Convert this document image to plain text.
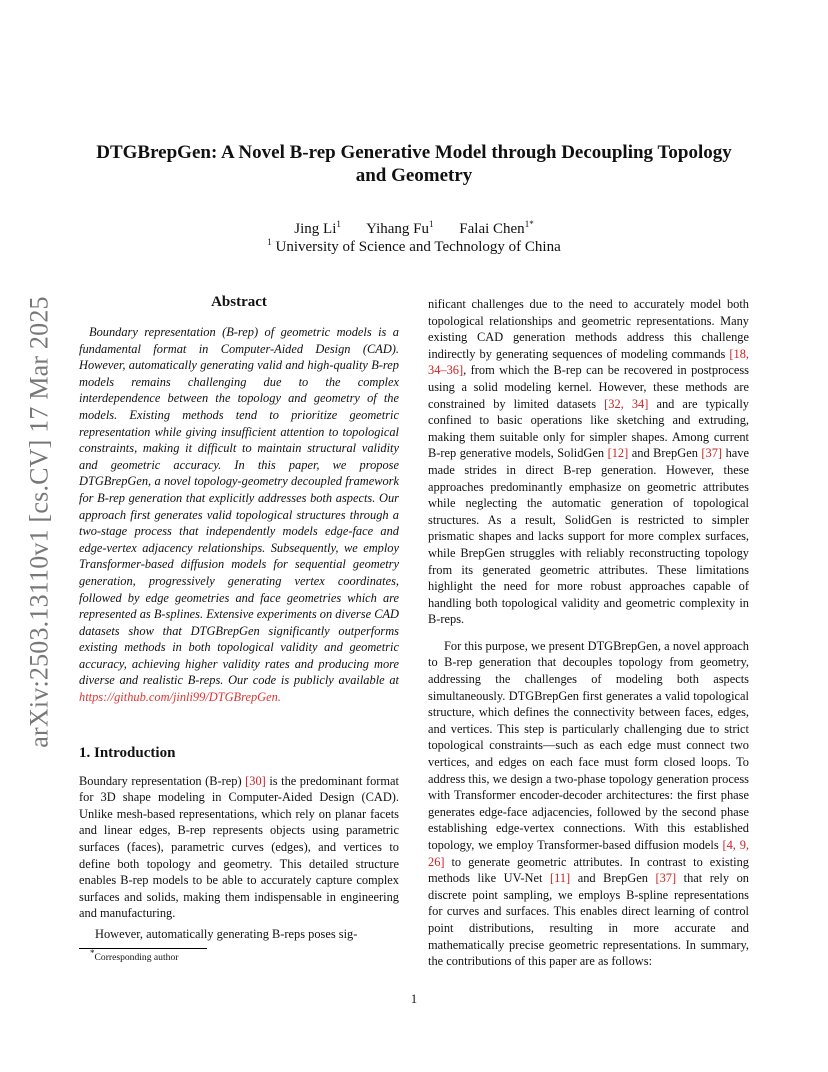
arXiv:2503.13110v1 [cs.CV] 17 Mar 2025
DTGBrepGen: A Novel B-rep Generative Model through Decoupling Topology
and Geometry
Jing Li$^1$ Yihang Fu$^1$ Falai Chen$^{1*}$
$^1$ University of Science and Technology of China
Abstract

Boundary representation (B-rep) of geometric models is a fundamental format in Computer-Aided Design (CAD). However, automatically generating valid and high-quality B-rep models remains challenging due to the complex interdependence between the topology and geometry of the models. Existing methods tend to prioritize geometric representation while giving insufficient attention to topological constraints, making it difficult to maintain structural validity and geometric accuracy. In this paper, we propose DTGBrepGen, a novel topology-geometry decoupled framework for B-rep generation that explicitly addresses both aspects. Our approach first generates valid topological structures through a two-stage process that independently models edge-face and edge-vertex adjacency relationships. Subsequently, we employ Transformer-based diffusion models for sequential geometry generation, progressively generating vertex coordinates, followed by edge geometries and face geometries which are represented as B-splines. Extensive experiments on diverse CAD datasets show that DTGBrepGen significantly outperforms existing methods in both topological validity and geometric accuracy, achieving higher validity rates and producing more diverse and realistic B-reps. Our code is publicly available at https://github.com/jinli99/DTGBrepGen.

1. Introduction

Boundary representation (B-rep) [30] is the predominant format for 3D shape modeling in Computer-Aided Design (CAD). Unlike mesh-based representations, which rely on planar facets and linear edges, B-rep represents objects using parametric surfaces (faces), parametric curves (edges), and vertices to define both topology and geometry. This detailed structure enables B-rep models to be able to accurately capture complex surfaces and solids, making them indispensable in engineering and manufacturing.

However, automatically generating B-reps poses sig-

nificant challenges due to the need to accurately model both topological relationships and geometric representations. Many existing CAD generation methods address this challenge indirectly by generating sequences of modeling commands [18, 34–36], from which the B-rep can be recovered in postprocess using a solid modeling kernel. However, these methods are constrained by limited datasets [32, 34] and are typically confined to basic operations like sketching and extruding, making them suitable only for simpler shapes. Among current B-rep generative models, SolidGen [12] and BrepGen [37] have made strides in direct B-rep generation. However, these approaches predominantly emphasize on geometric attributes while neglecting the automatic generation of topological structures. As a result, SolidGen is restricted to simpler prismatic shapes and lacks support for more complex surfaces, while BrepGen struggles with reliably reconstructing topology from its generated geometric attributes. These limitations highlight the need for more robust approaches capable of handling both topological validity and geometric complexity in B-reps.

For this purpose, we present DTGBrepGen, a novel approach to B-rep generation that decouples topology from geometry, addressing the challenges of modeling both aspects simultaneously. DTGBrepGen first generates a valid topological structure, which defines the connectivity between faces, edges, and vertices. This step is particularly challenging due to strict topological constraints—such as each edge must connect two vertices, and edges on each face must form closed loops. To address this, we design a two-phase topology generation process with Transformer encoder-decoder architectures: the first phase generates edge-face adjacencies, followed by the second phase establishing edge-vertex connections. With this established topology, we employ Transformer-based diffusion models [4, 9, 26] to generate geometric attributes. In contrast to existing methods like UV-Net [11] and BrepGen [37] that rely on discrete point sampling, we employs B-spline representations for curves and surfaces. This enables direct learning of control point distributions, resulting in more accurate and mathematically precise geometric representations. In summary, the contributions of this paper are as follows:

*Corresponding author
1
